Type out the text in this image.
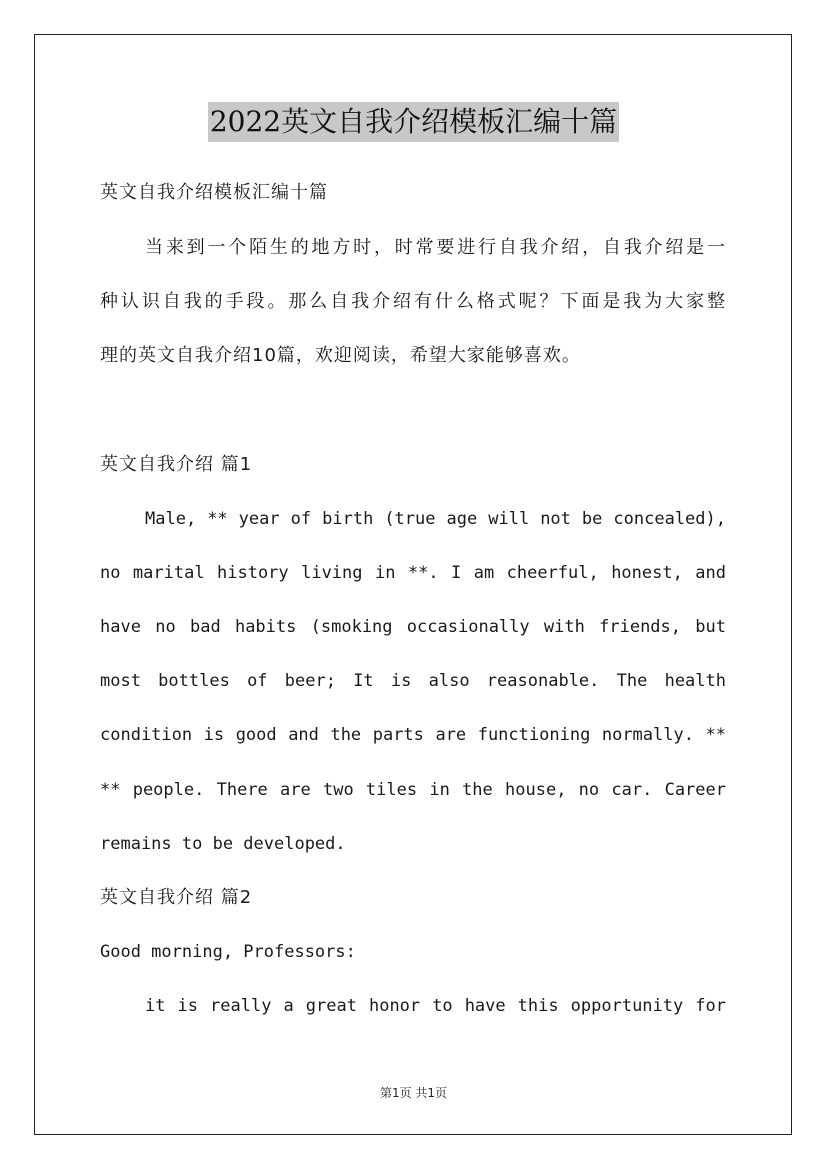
2022英文自我介绍模板汇编十篇
英文自我介绍模板汇编十篇
当来到一个陌生的地方时，时常要进行自我介绍，自我介绍是一
种认识自我的手段。那么自我介绍有什么格式呢？下面是我为大家整
理的英文自我介绍10篇，欢迎阅读，希望大家能够喜欢。
英文自我介绍 篇1
Male, ** year of birth (true age will not be concealed),
no marital history living in **. I am cheerful, honest, and
have no bad habits (smoking occasionally with friends, but
most bottles of beer; It is also reasonable. The health
condition is good and the parts are functioning normally. **
** people. There are two tiles in the house, no car. Career
remains to be developed.
英文自我介绍 篇2
Good morning, Professors:
it is really a great honor to have this opportunity for
第1页 共1页
